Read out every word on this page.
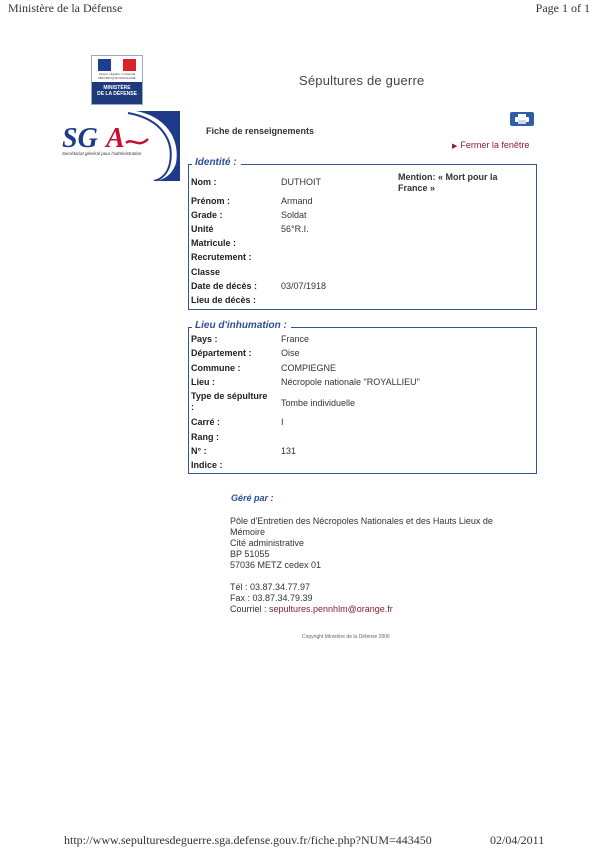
Ministère de la Défense	Page 1 of 1
Liberté • Égalité • Fraternité
RÉPUBLIQUE FRANÇAISE
MINISTÈRE
DE LA DÉFENSE
Sépultures de guerre
SG A
Secrétariat général pour l'administration
Fiche de renseignements
▶ Fermer la fenêtre
Identité :
Mention: « Mort pour la France »
Nom :	DUTHOIT
Prénom :	Armand
Grade :	Soldat
Unité	56°R.I.
Matricule :
Recrutement :
Classe
Date de décès :	03/07/1918
Lieu de décès :
Lieu d'inhumation :
Pays :	France
Département :	Oise
Commune :	COMPIEGNE
Lieu :	Nécropole nationale "ROYALLIEU"
Type de sépulture :	Tombe individuelle
Carré :	I
Rang :
N° :	131
Indice :
Géré par :
Pôle d'Entretien des Nécropoles Nationales et des Hauts Lieux de
Mémoire
Cité administrative
BP 51055
57036 METZ cedex 01
Tél : 03.87.34.77.97
Fax : 03.87.34.79.39
Courriel : sepultures.pennhlm@orange.fr
Copyright Ministère de la Défense 2006
http://www.sepulturesdeguerre.sga.defense.gouv.fr/fiche.php?NUM=443450	02/04/2011
